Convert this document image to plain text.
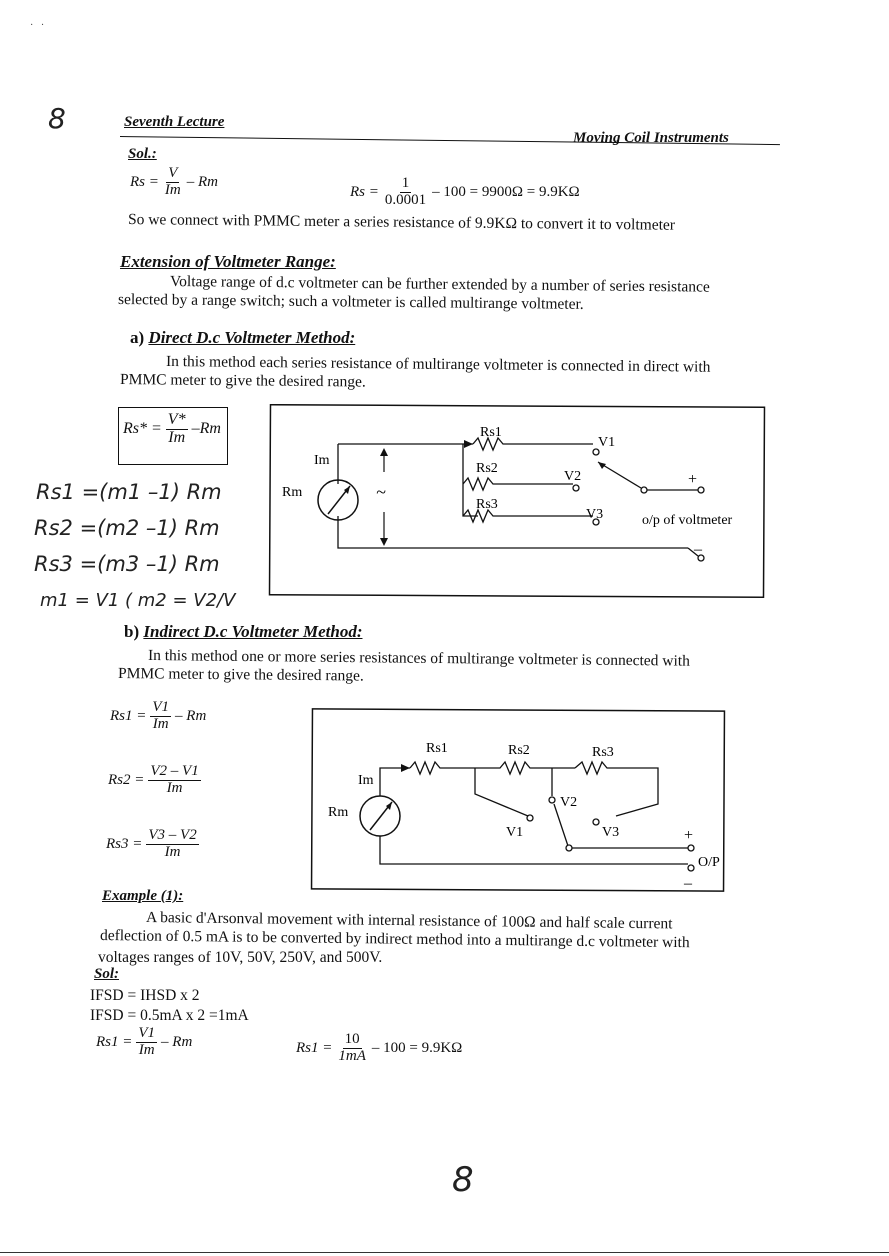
·   ·
8	Seventh Lecture
Moving Coil Instruments
Sol.:
$Rs = \frac{V}{Im} - Rm$
$Rs = \frac{1}{0.0001} - 100 = 9900\Omega = 9.9K\Omega$
So we connect with PMMC meter a series resistance of 9.9KΩ to convert it to voltmeter
Extension of Voltmeter Range:
Voltage range of d.c voltmeter can be further extended by a number of series resistance
selected by a range switch; such a voltmeter is called multirange voltmeter.
a) Direct D.c Voltmeter Method:
In this method each series resistance of multirange voltmeter is connected in direct with
PMMC meter to give the desired range.
$Rs* = \frac{V*}{Im} -Rm$
Im
Rm	~
Rs1
Rs2
Rs3
V1
V2
V3
+
–
o/p of voltmeter
Rs1 =(m1 –1) Rm
Rs2 =(m2 –1) Rm
Rs3 =(m3 –1) Rm
m1 = V1 ( m2 = V2/V
b) Indirect D.c Voltmeter Method:
In this method one or more series resistances of multirange voltmeter is connected with
PMMC meter to give the desired range.
$Rs1 = \frac{V1}{Im} - Rm$
$Rs2 = \frac{V2 - V1}{Im}$
$Rs3 = \frac{V3 - V2}{Im}$
Im
Rm
Rs1	Rs2	Rs3
V1
V2
V3	+
–
O/P
Example (1):
A basic d'Arsonval movement with internal resistance of 100Ω and half scale current
deflection of 0.5 mA is to be converted by indirect method into a multirange d.c voltmeter with
voltages ranges of 10V, 50V, 250V, and 500V.
Sol:
IFSD = IHSD x 2
IFSD = 0.5mA x 2 =1mA
$Rs1 = \frac{V1}{Im} - Rm$	$Rs1 = \frac{10}{1mA} - 100 = 9.9K\Omega$
8
